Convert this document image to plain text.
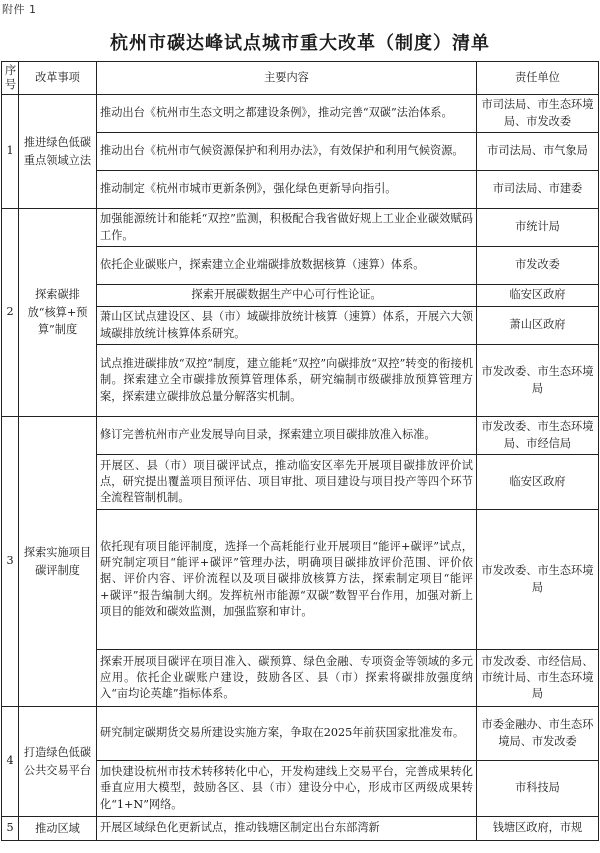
附件 1
杭州市碳达峰试点城市重大改革（制度）清单
序号	改革事项	主要内容	责任单位
1	推进绿色低碳重点领域立法	推动出台《杭州市生态文明之都建设条例》，推动完善“双碳”法治体系。	市司法局、市生态环境局、市发改委
		推动出台《杭州市气候资源保护和利用办法》，有效保护和利用气候资源。	市司法局、市气象局
		推动制定《杭州市城市更新条例》，强化绿色更新导向指引。	市司法局、市建委
2	探索碳排放“核算+预算”制度	加强能源统计和能耗“双控”监测，积极配合我省做好规上工业企业碳效赋码工作。	市统计局
		依托企业碳账户，探索建立企业端碳排放数据核算（速算）体系。	市发改委
		探索开展碳数据生产中心可行性论证。	临安区政府
		萧山区试点建设区、县（市）域碳排放统计核算（速算）体系，开展六大领域碳排放统计核算体系研究。	萧山区政府
		试点推进碳排放“双控”制度，建立能耗“双控”向碳排放“双控”转变的衔接机制。探索建立全市碳排放预算管理体系，研究编制市级碳排放预算管理方案，探索建立碳排放总量分解落实机制。	市发改委、市生态环境局
3	探索实施项目碳评制度	修订完善杭州市产业发展导向目录，探索建立项目碳排放准入标准。	市发改委、市生态环境局、市经信局
		开展区、县（市）项目碳评试点，推动临安区率先开展项目碳排放评价试点，研究提出覆盖项目预评估、项目审批、项目建设与项目投产等四个环节全流程管制机制。	临安区政府
		依托现有项目能评制度，选择一个高耗能行业开展项目“能评+碳评”试点，研究制定项目“能评+碳评”管理办法，明确项目碳排放评价范围、评价依据、评价内容、评价流程以及项目碳排放核算方法，探索制定项目“能评+碳评”报告编制大纲。发挥杭州市能源“双碳”数智平台作用，加强对新上项目的能效和碳效监测，加强监察和审计。	市发改委、市生态环境局
		探索开展项目碳评在项目准入、碳预算、绿色金融、专项资金等领域的多元应用。依托企业碳账户建设，鼓励各区、县（市）探索将碳排放强度纳入“亩均论英雄”指标体系。	市发改委、市经信局、市统计局、市生态环境局
4	打造绿色低碳公共交易平台	研究制定碳期货交易所建设实施方案，争取在2025年前获国家批准发布。	市委金融办、市生态环境局、市发改委
		加快建设杭州市技术转移转化中心，开发构建线上交易平台，完善成果转化垂直应用大模型，鼓励各区、县（市）建设分中心，形成市区两级成果转化“1+N”网络。	市科技局
5	推动区域	开展区域绿色化更新试点，推动钱塘区制定出台东部湾新	钱塘区政府，市规
